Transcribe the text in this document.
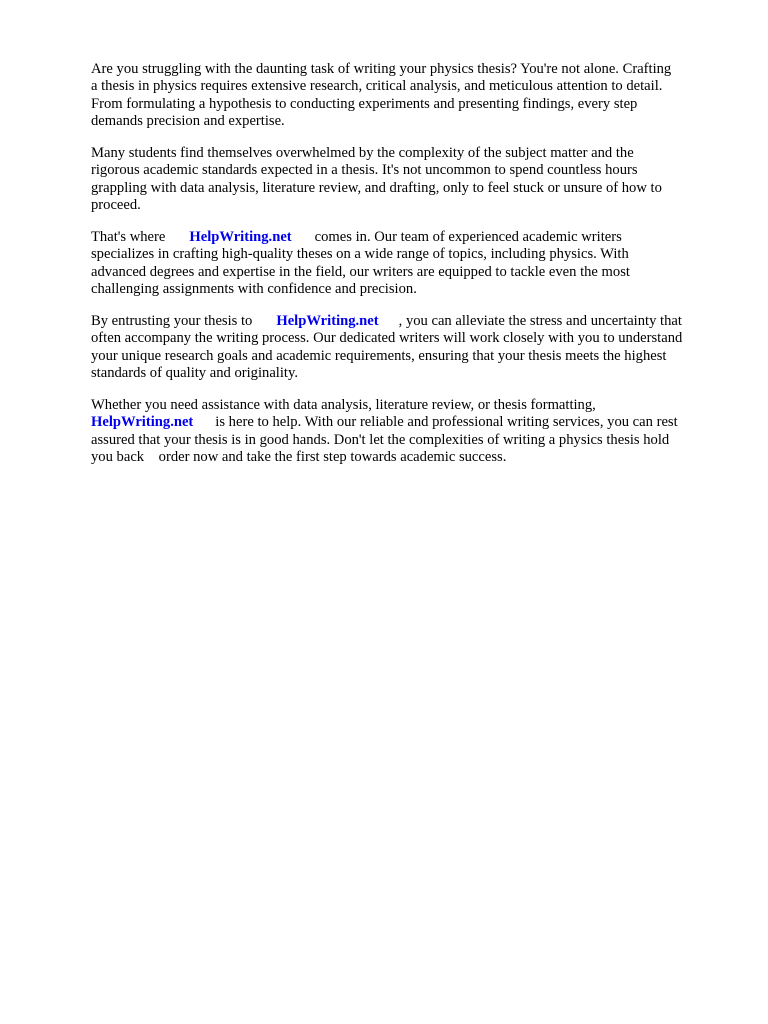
Are you struggling with the daunting task of writing your physics thesis? You're not alone. Crafting
a thesis in physics requires extensive research, critical analysis, and meticulous attention to detail.
From formulating a hypothesis to conducting experiments and presenting findings, every step
demands precision and expertise.

Many students find themselves overwhelmed by the complexity of the subject matter and the
rigorous academic standards expected in a thesis. It's not uncommon to spend countless hours
grappling with data analysis, literature review, and drafting, only to feel stuck or unsure of how to
proceed.

That's where HelpWriting.net comes in. Our team of experienced academic writers
specializes in crafting high-quality theses on a wide range of topics, including physics. With
advanced degrees and expertise in the field, our writers are equipped to tackle even the most
challenging assignments with confidence and precision.

By entrusting your thesis to HelpWriting.net , you can alleviate the stress and uncertainty that
often accompany the writing process. Our dedicated writers will work closely with you to understand
your unique research goals and academic requirements, ensuring that your thesis meets the highest
standards of quality and originality.

Whether you need assistance with data analysis, literature review, or thesis formatting,
HelpWriting.net is here to help. With our reliable and professional writing services, you can rest
assured that your thesis is in good hands. Don't let the complexities of writing a physics thesis hold
you back    order now and take the first step towards academic success.
